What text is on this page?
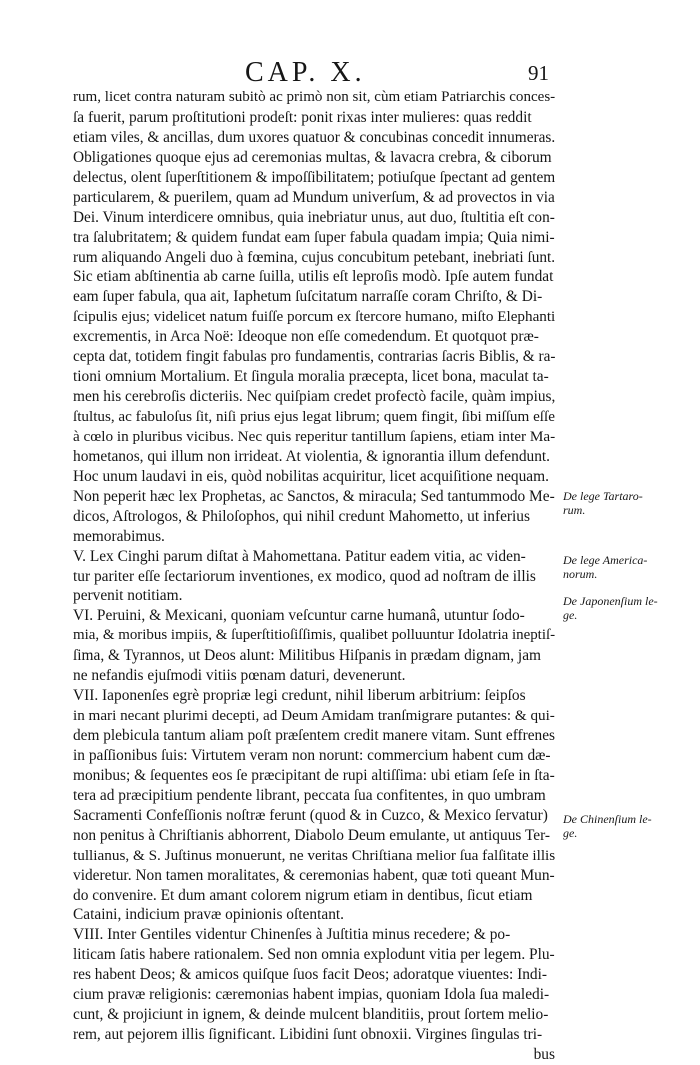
CAP. X.	91
rum, licet contra naturam subitò ac primò non sit, cùm etiam Patriarchis conces-
ſa fuerit, parum proſtitutioni prodeſt: ponit rixas inter mulieres: quas reddit
etiam viles, & ancillas, dum uxores quatuor & concubinas concedit innumeras.
Obligationes quoque ejus ad ceremonias multas, & lavacra crebra, & ciborum
delectus, olent ſuperſtitionem & impoſſibilitatem; potiuſque ſpectant ad gentem
particularem, & puerilem, quam ad Mundum univerſum, & ad provectos in via
Dei. Vinum interdicere omnibus, quia inebriatur unus, aut duo, ſtultitia eſt con-
tra ſalubritatem; & quidem fundat eam ſuper fabula quadam impia; Quia nimi-
rum aliquando Angeli duo à fœmina, cujus concubitum petebant, inebriati ſunt.
Sic etiam abſtinentia ab carne ſuilla, utilis eſt leproſis modò. Ipſe autem fundat
eam ſuper fabula, qua ait, Iaphetum ſuſcitatum narraſſe coram Chriſto, & Di-
ſcipulis ejus; videlicet natum fuiſſe porcum ex ſtercore humano, miſto Elephanti
excrementis, in Arca Noë: Ideoque non eſſe comedendum. Et quotquot præ-
cepta dat, totidem fingit fabulas pro fundamentis, contrarias ſacris Biblis, & ra-
tioni omnium Mortalium. Et ſingula moralia præcepta, licet bona, maculat ta-
men his cerebroſis dicteriis. Nec quiſpiam credet profectò facile, quàm impius,
ſtultus, ac fabuloſus ſit, niſi prius ejus legat librum; quem fingit, ſibi miſſum eſſe
à cœlo in pluribus vicibus. Nec quis reperitur tantillum ſapiens, etiam inter Ma-
hometanos, qui illum non irrideat. At violentia, & ignorantia illum defendunt.
Hoc unum laudavi in eis, quòd nobilitas acquiritur, licet acquiſitione nequam.
Non peperit hæc lex Prophetas, ac Sanctos, & miracula; Sed tantummodo Me-
dicos, Aſtrologos, & Philoſophos, qui nihil credunt Mahometto, ut inferius
memorabimus.
V. Lex Cinghi parum diſtat à Mahomettana. Patitur eadem vitia, ac viden-
tur pariter eſſe ſectariorum inventiones, ex modico, quod ad noſtram de illis
pervenit notitiam.
VI. Peruini, & Mexicani, quoniam veſcuntur carne humanâ, utuntur ſodo-
mia, & moribus impiis, & ſuperſtitioſiſſimis, qualibet polluuntur Idolatria ineptiſ-
ſima, & Tyrannos, ut Deos alunt: Militibus Hiſpanis in prædam dignam, jam
ne nefandis ejuſmodi vitiis pœnam daturi, devenerunt.
VII. Iaponenſes egrè propriæ legi credunt, nihil liberum arbitrium: ſeipſos
in mari necant plurimi decepti, ad Deum Amidam tranſmigrare putantes: & qui-
dem plebicula tantum aliam poſt præſentem credit manere vitam. Sunt effrenes
in paſſionibus ſuis: Virtutem veram non norunt: commercium habent cum dæ-
monibus; & ſequentes eos ſe præcipitant de rupi altiſſima: ubi etiam ſeſe in ſta-
tera ad præcipitium pendente librant, peccata ſua confitentes, in quo umbram
Sacramenti Confeſſionis noſtræ ferunt (quod & in Cuzco, & Mexico ſervatur)
non penitus à Chriſtianis abhorrent, Diabolo Deum emulante, ut antiquus Ter-
tullianus, & S. Juſtinus monuerunt, ne veritas Chriſtiana melior ſua falſitate illis
videretur. Non tamen moralitates, & ceremonias habent, quæ toti queant Mun-
do convenire. Et dum amant colorem nigrum etiam in dentibus, ſicut etiam
Cataini, indicium pravæ opinionis oſtentant.
VIII. Inter Gentiles videntur Chinenſes à Juſtitia minus recedere; & po-
liticam ſatis habere rationalem. Sed non omnia explodunt vitia per legem. Plu-
res habent Deos; & amicos quiſque ſuos facit Deos; adoratque viuentes: Indi-
cium pravæ religionis: cæremonias habent impias, quoniam Idola ſua maledi-
cunt, & projiciunt in ignem, & deinde mulcent blanditiis, prout ſortem melio-
rem, aut pejorem illis ſignificant. Libidini ſunt obnoxii. Virgines ſingulas tri-
bus
De lege Tartaro-
rum.
De lege America-
norum.
De Japonenſium le-
ge.
De Chinenſium le-
ge.
